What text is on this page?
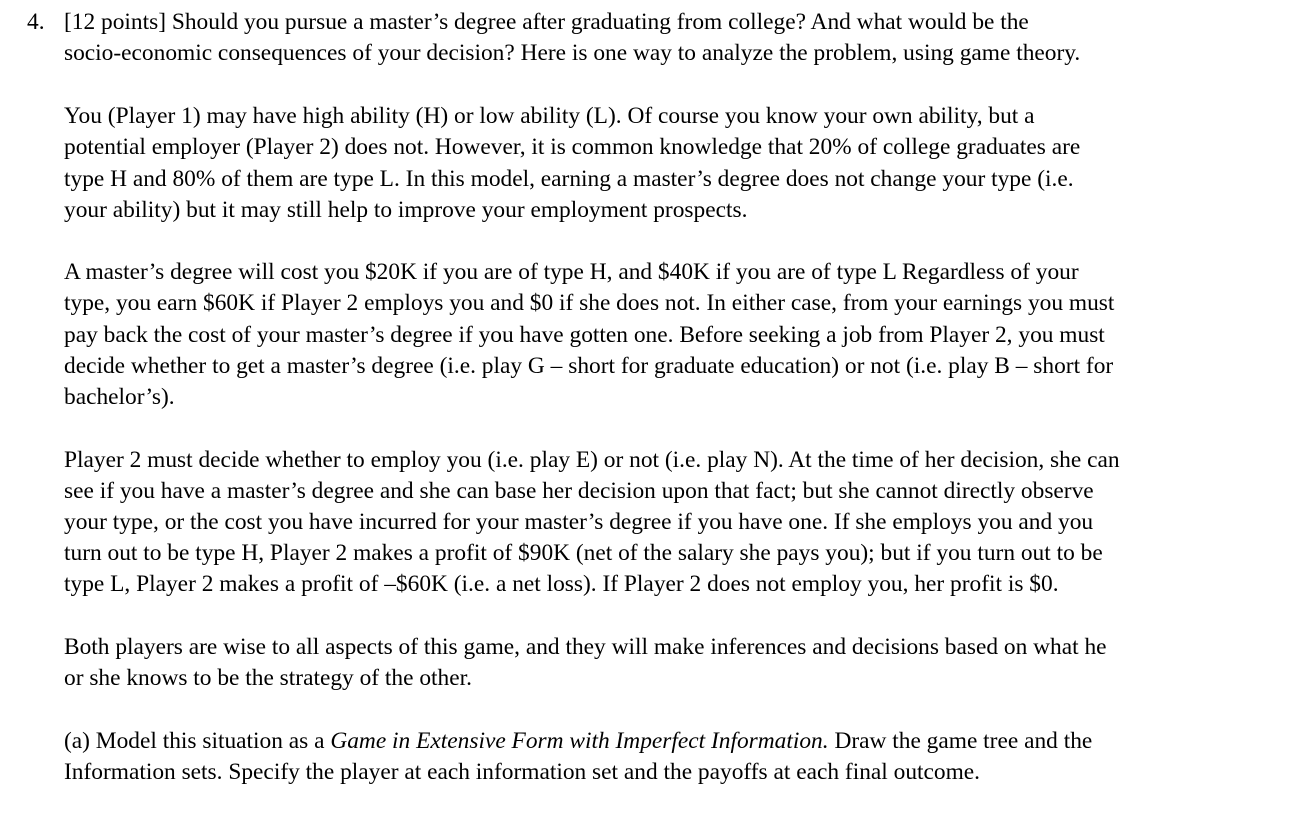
4. [12 points] Should you pursue a master’s degree after graduating from college? And what would be the
socio-economic consequences of your decision? Here is one way to analyze the problem, using game theory.
You (Player 1) may have high ability (H) or low ability (L). Of course you know your own ability, but a
potential employer (Player 2) does not. However, it is common knowledge that 20% of college graduates are
type H and 80% of them are type L. In this model, earning a master’s degree does not change your type (i.e.
your ability) but it may still help to improve your employment prospects.
A master’s degree will cost you $20K if you are of type H, and $40K if you are of type L Regardless of your
type, you earn $60K if Player 2 employs you and $0 if she does not. In either case, from your earnings you must
pay back the cost of your master’s degree if you have gotten one. Before seeking a job from Player 2, you must
decide whether to get a master’s degree (i.e. play G – short for graduate education) or not (i.e. play B – short for
bachelor’s).
Player 2 must decide whether to employ you (i.e. play E) or not (i.e. play N). At the time of her decision, she can
see if you have a master’s degree and she can base her decision upon that fact; but she cannot directly observe
your type, or the cost you have incurred for your master’s degree if you have one. If she employs you and you
turn out to be type H, Player 2 makes a profit of $90K (net of the salary she pays you); but if you turn out to be
type L, Player 2 makes a profit of –$60K (i.e. a net loss). If Player 2 does not employ you, her profit is $0.
Both players are wise to all aspects of this game, and they will make inferences and decisions based on what he
or she knows to be the strategy of the other.
(a) Model this situation as a Game in Extensive Form with Imperfect Information. Draw the game tree and the
Information sets. Specify the player at each information set and the payoffs at each final outcome.
